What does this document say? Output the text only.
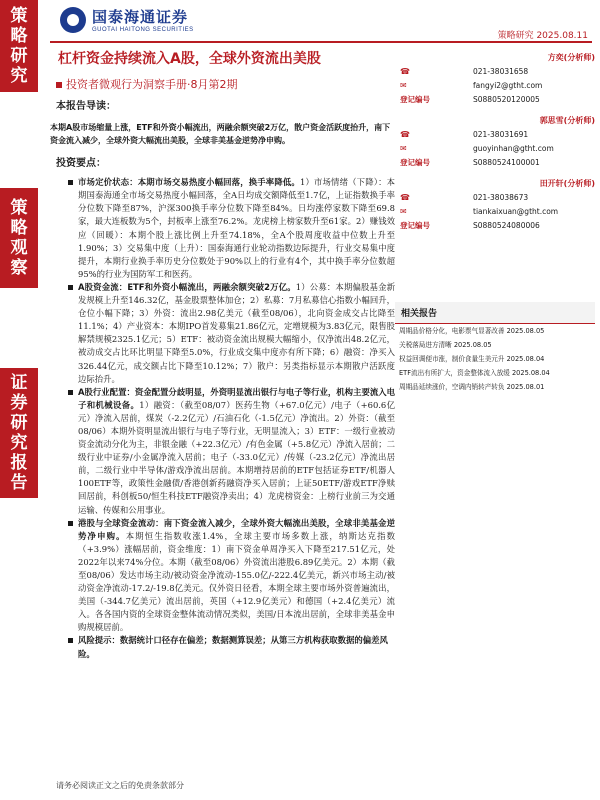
策
略
研
究
策
略
观
察
证
券
研
究
报
告
国泰海通证券
GUOTAI HAITONG SECURITIES
策略研究 2025.08.11
杠杆资金持续流入A股，全球外资流出美股
投资者微观行为洞察手册·8月第2期
本报告导读：
本期A股市场缩量上涨，ETF和外资小幅流出，两融余额突破2万亿，散户资金活跃度抬升，南下资金流入减少，全球外资大幅流出美股，全球非美基金逆势净申购。
投资要点：
市场定价状态：本期市场交易热度小幅回落，换手率降低。1）市场情绪（下降）：本期国泰海通全市场交易热度小幅回落，全A日均成交额降低至1.7亿，上证指数换手率分位数下降至87%，沪深300换手率分位数下降至84%。日均涨停家数下降至69.8家，最大连板数为5个，封板率上涨至76.2%。龙虎榜上榜家数升至61家。2）赚钱效应（回暖）：本期个股上涨比例上升至74.18%，全A个股周度收益中位数上升至1.90%；3）交易集中度（上升）：国泰海通行业轮动指数边际提升，行业交易集中度提升，本期行业换手率历史分位数处于90%以上的行业有4个，其中换手率分位数超95%的行业为国防军工和医药。
A股资金流：ETF和外资小幅流出，两融余额突破2万亿。1）公募：本期偏股基金新发规模上升至146.32亿，基金股票整体加仓；2）私募：7月私募信心指数小幅回升，仓位小幅下降；3）外资：流出2.98亿美元（截至08/06），北向资金成交占比降至11.1%；4）产业资本：本期IPO首发募集21.86亿元，定增规模为3.83亿元，限售股解禁规模2325.1亿元；5）ETF：被动资金流出规模大幅缩小，仅净流出48.2亿元，被动成交占比环比明显下降至5.0%，行业成交集中度亦有所下降；6）融资：净买入326.44亿元，成交额占比下降至10.12%；7）散户：另类指标显示本期散户活跃度边际抬升。
A股行业配置：资金配置分歧明显，外资明显流出银行与电子等行业，机构主要流入电子和机械设备。1）融资：（截至08/07）医药生物（+67.0亿元）/电子（+60.6亿元）净流入居前，煤炭（-2.2亿元）/石油石化（-1.5亿元）净流出。2）外资：（截至08/06）本期外资明显流出银行与电子等行业，无明显流入；3）ETF：一级行业被动资金流动分化为主，非银金融（+22.3亿元）/有色金属（+5.8亿元）净流入居前；二级行业中证券/小金属净流入居前；电子（-33.0亿元）/传媒（-23.2亿元）净流出居前，二级行业中半导体/游戏净流出居前。本期增持居前的ETF包括证券ETF/机器人100ETF等，政策性金融债/香港创新药融资净买入居前；上证50ETF/游戏ETF净赎回居前，科创板50/恒生科技ETF融资净卖出；4）龙虎榜资金：上榜行业前三为交通运输、传媒和公用事业。
港股与全球资金流动：南下资金流入减少，全球外资大幅流出美股，全球非美基金逆势净申购。本期恒生指数收涨1.4%，全球主要市场多数上涨，纳斯达克指数（+3.9%）涨幅居前，资金维度：1）南下资金单周净买入下降至217.51亿元，处2022年以来74%分位。本期（截至08/06）外资流出港股6.89亿美元。2）本期（截至08/06）发达市场主动/被动资金净流动-155.0亿/-222.4亿美元，新兴市场主动/被动资金净流动-17.2/-19.8亿美元。仅外资日径看，本期全球主要市场外资普遍流出，美国（-344.7亿美元）流出居前，英国（+12.9亿美元）和德国（+2.4亿美元）流入。各各国内资的全球资金整体流动情况类似，美国/日本流出居前，全球非美基金申购规模居前。
风险提示：数据统计口径存在偏差；数据测算误差；从第三方机构获取数据的偏差风险。
方奕(分析师)
☎	021-38031658
✉	fangyi2@gtht.com
登记编号	S0880520120005
郭思雪(分析师)
☎	021-38031691
✉	guoyinhan@gtht.com
登记编号	S0880524100001
田开轩(分析师)
☎	021-38038673
✉	tiankaixuan@gtht.com
登记编号	S0880524080006
相关报告
周期品价格分化，电影票气显著改善 2025.08.05
关税落局进方清晰 2025.08.05
权益回调便市涨，制价食量生美元升 2025.08.04
ETF流出有所扩大，资金整体流入放缓 2025.08.04
周期品延续涨价，空调内销转产转负 2025.08.01
请务必阅读正文之后的免责条款部分
